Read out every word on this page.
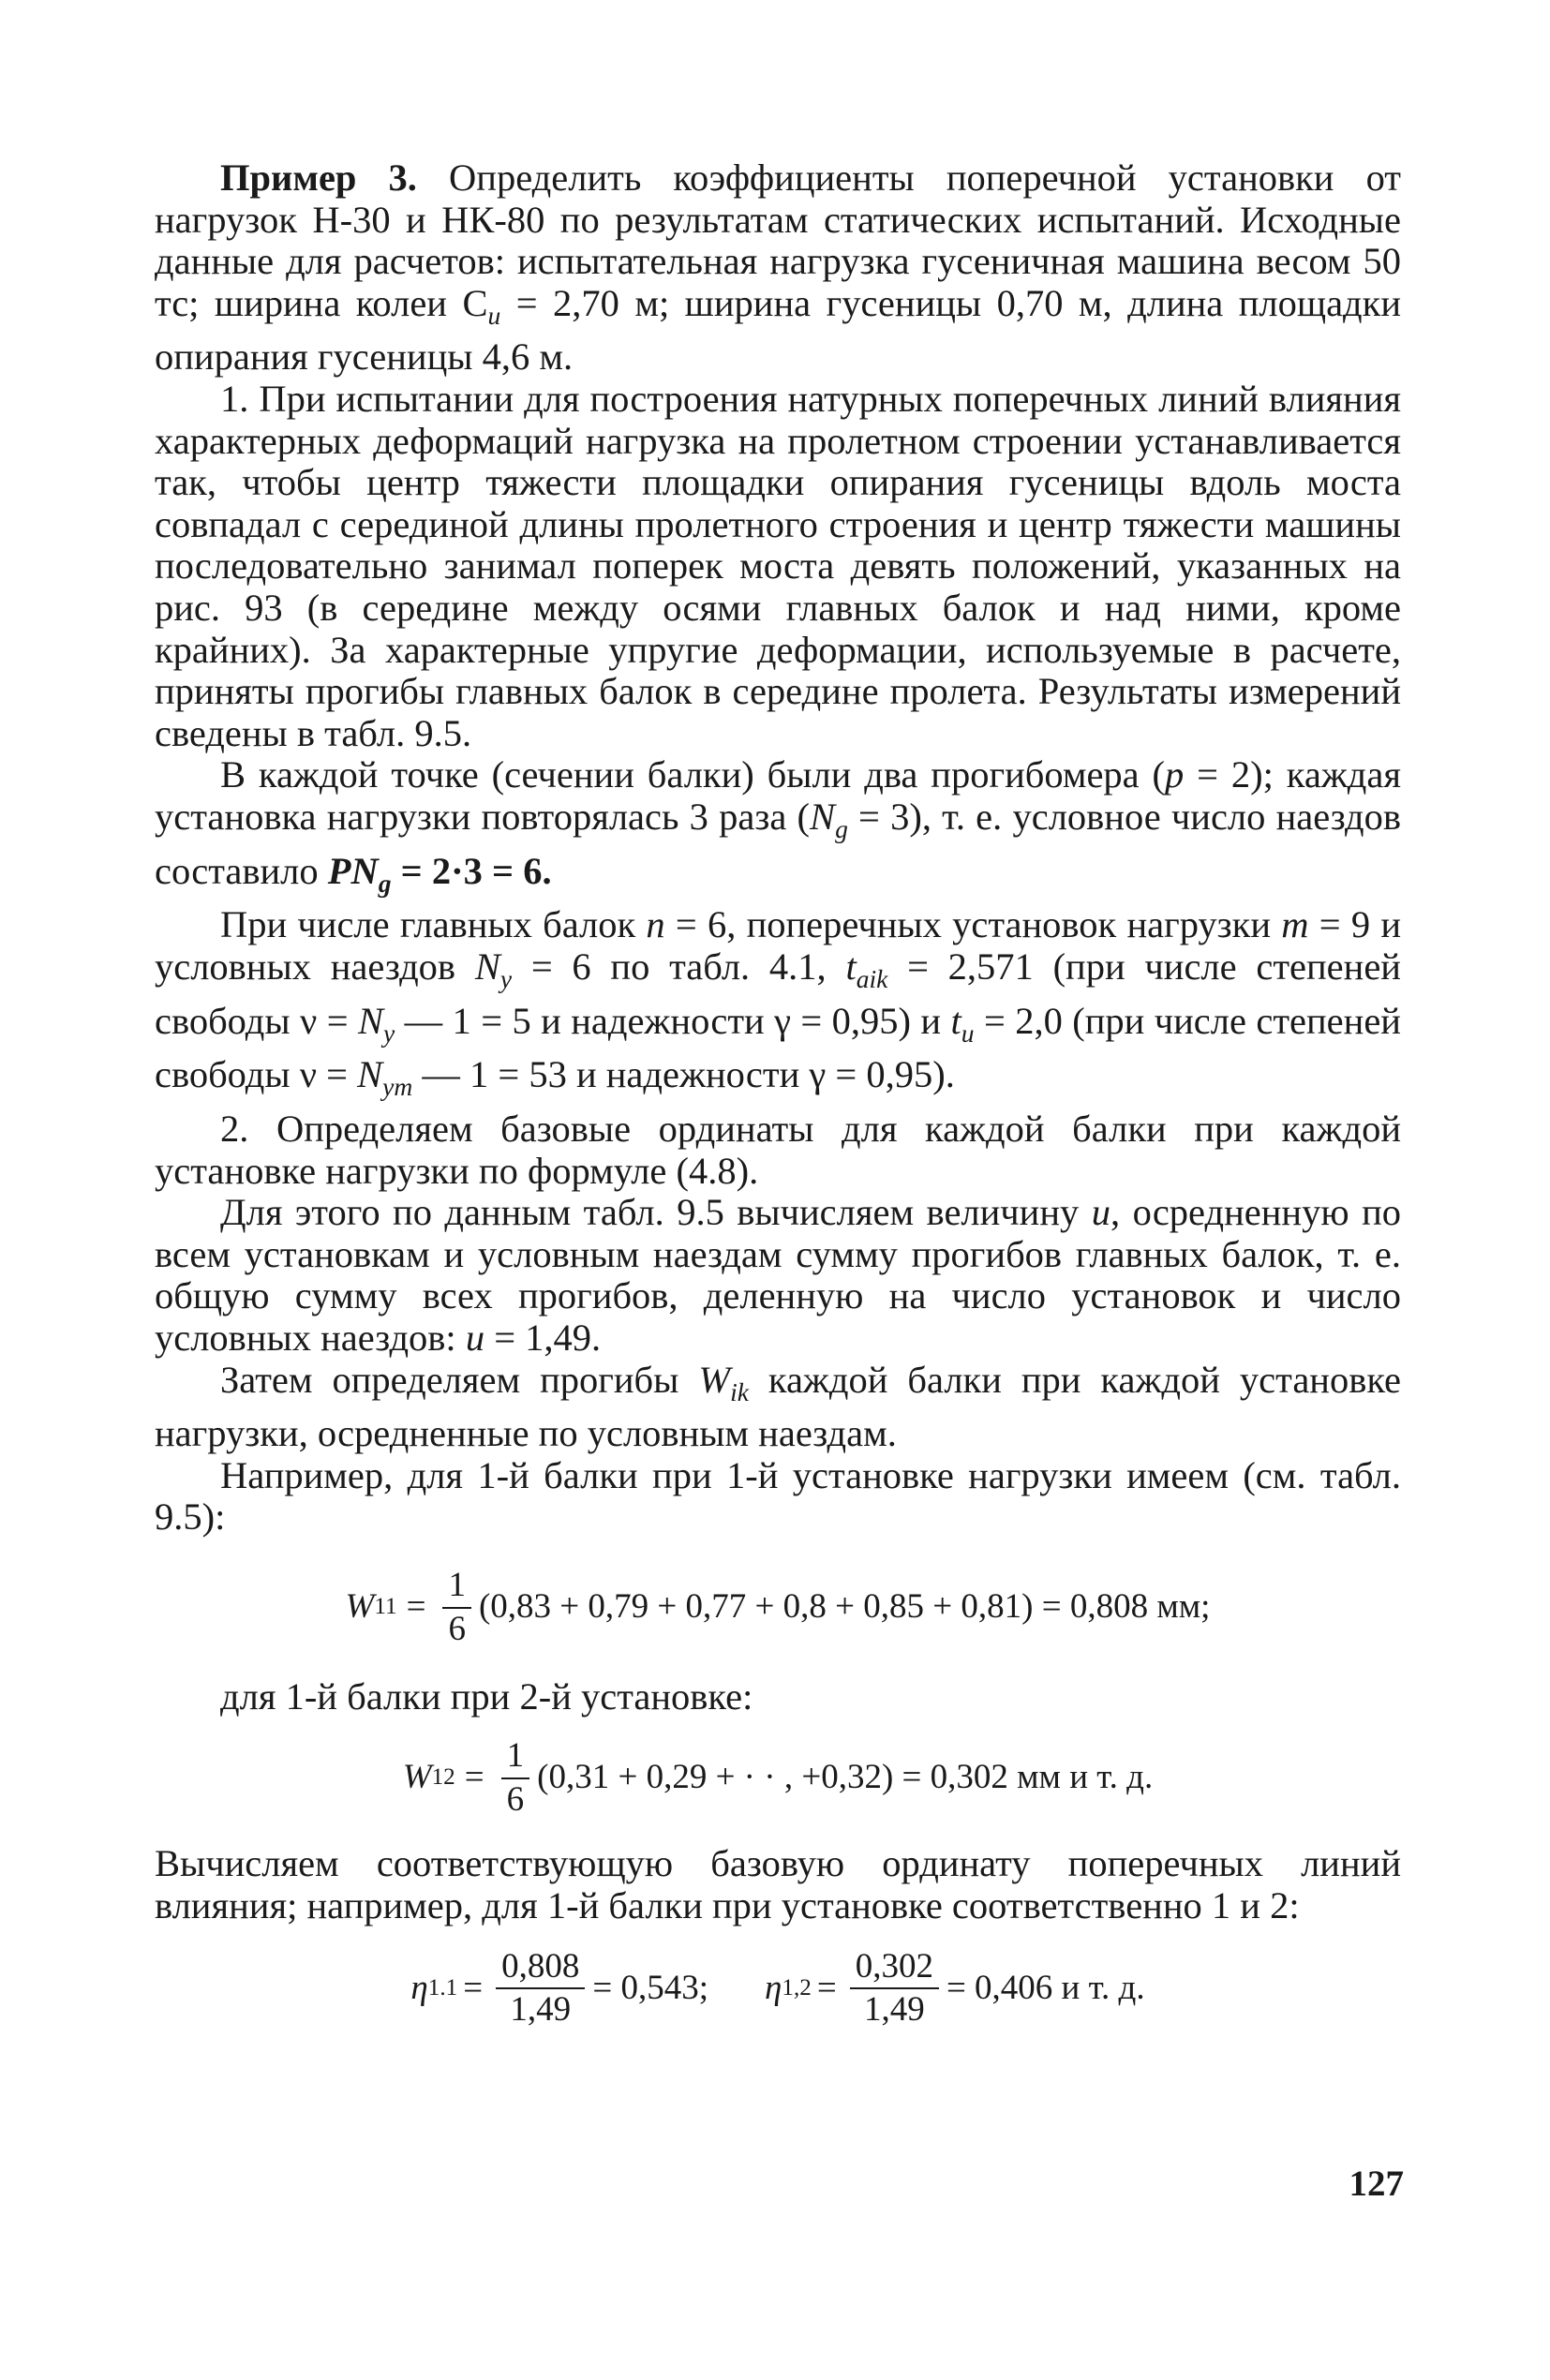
Пример 3. Определить коэффициенты поперечной установки от нагрузок Н-30 и НК-80 по результатам статических испытаний. Исходные данные для расчетов: испытательная нагрузка гусеничная машина весом 50 тс; ширина колеи $C_и = 2,70$ м; ширина гусеницы 0,70 м, длина площадки опирания гусеницы 4,6 м.

1. При испытании для построения натурных поперечных линий влияния характерных деформаций нагрузка на пролетном строении устанавливается так, чтобы центр тяжести площадки опирания гусеницы вдоль моста совпадал с серединой длины пролетного строения и центр тяжести машины последовательно занимал поперек моста девять положений, указанных на рис. 93 (в середине между осями главных балок и над ними, кроме крайних). За характерные упругие деформации, используемые в расчете, приняты прогибы главных балок в середине пролета. Результаты измерений сведены в табл. 9.5.

В каждой точке (сечении балки) были два прогибомера (p = 2); каждая установка нагрузки повторялась 3 раза $(N_g = 3)$, т. е. условное число наездов составило $PN_g = 2\cdot 3 = 6$.

При числе главных балок n = 6, поперечных установок нагрузки m = 9 и условных наездов $N_y = 6$ по табл. 4.1, $t_{aik} = 2,571$ (при числе степеней свободы $\nu = N_y$ — 1 = 5 и надежности γ = 0,95) и $t_u = 2,0$ (при числе степеней свободы $\nu = N_{ym}$ — 1 = 53 и надежности γ = 0,95).

2. Определяем базовые ординаты для каждой балки при каждой установке нагрузки по формуле (4.8).

Для этого по данным табл. 9.5 вычисляем величину u, осредненную по всем установкам и условным наездам сумму прогибов главных балок, т. е. общую сумму всех прогибов, деленную на число установок и число условных наездов: u = 1,49.

Затем определяем прогибы $W_{ik}$ каждой балки при каждой установке нагрузки, осредненные по условным наездам.

Например, для 1-й балки при 1-й установке нагрузки имеем (см. табл. 9.5):

W $11 = \frac{1}{6} (0,83 + 0,79 + 0,77 + 0,8 + 0,85 + 0,81) = 0,808$ мм;

для 1-й балки при 2-й установке:

W $12 = \frac{1}{6} (0,31 + 0,29$ + · · , +0,32) = 0,302 мм и т. д.

Вычисляем соответствующую базовую ординату поперечных линий влияния; например, для 1-й балки при установке соответственно 1 и 2:

η $1.1 = \frac{0,808}{1,49} = 0,543$; η $1,2 = \frac{0,302}{1,49} = 0,406$ и т. д.
127
